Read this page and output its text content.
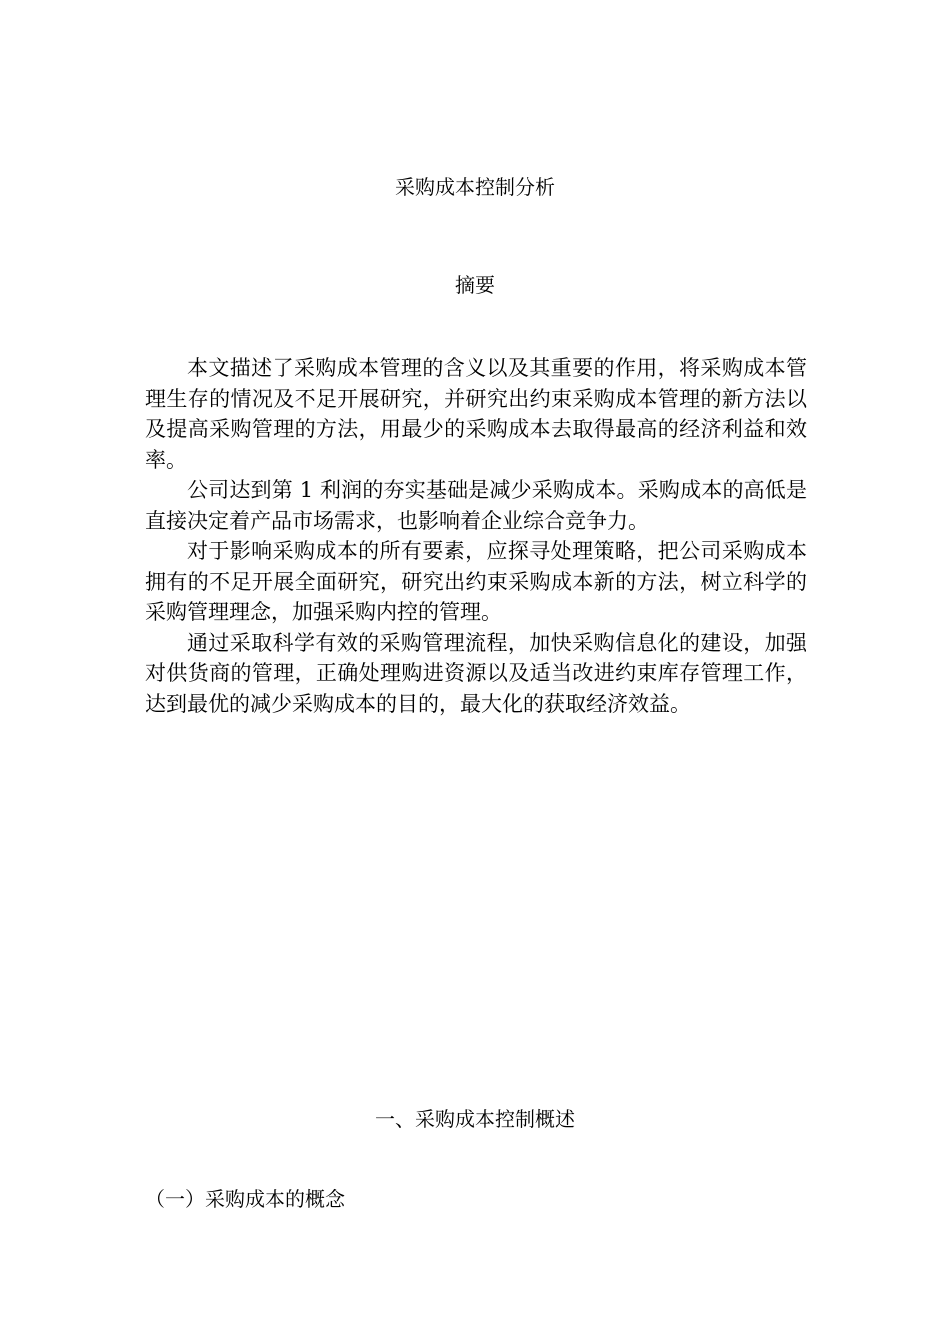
采购成本控制分析
摘要

本文描述了采购成本管理的含义以及其重要的作用，将采购成本管理生存的情况及不足开展研究，并研究出约束采购成本管理的新方法以及提高采购管理的方法，用最少的采购成本去取得最高的经济利益和效率。

公司达到第 1 利润的夯实基础是减少采购成本。采购成本的高低是直接决定着产品市场需求，也影响着企业综合竞争力。

对于影响采购成本的所有要素，应探寻处理策略，把公司采购成本拥有的不足开展全面研究，研究出约束采购成本新的方法，树立科学的采购管理理念，加强采购内控的管理。

通过采取科学有效的采购管理流程，加快采购信息化的建设，加强对供货商的管理，正确处理购进资源以及适当改进约束库存管理工作，达到最优的减少采购成本的目的，最大化的获取经济效益。

一、采购成本控制概述
（一）采购成本的概念
